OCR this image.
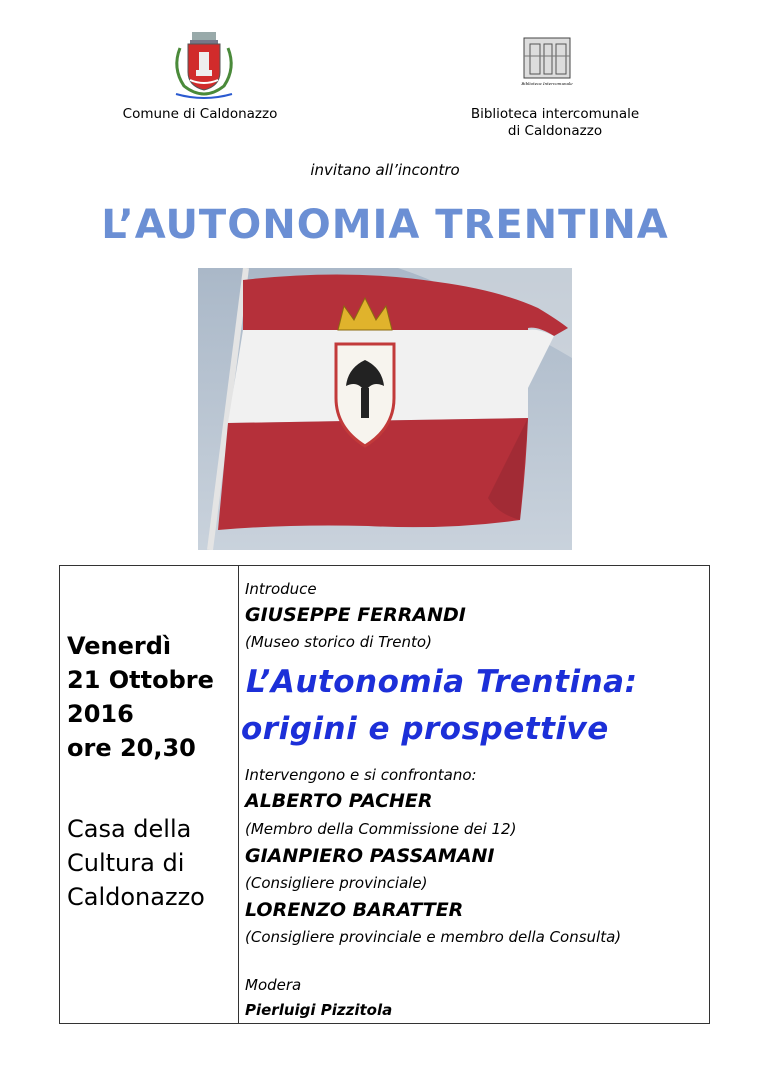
Comune di Caldonazzo
Biblioteca Intercomunale
Biblioteca intercomunale
di Caldonazzo
invitano all’incontro
L’AUTONOMIA TRENTINA
Venerdì
21 Ottobre
2016
ore 20,30
Casa della
Cultura di
Caldonazzo
Introduce
GIUSEPPE FERRANDI
(Museo storico di Trento)
L’Autonomia Trentina:
origini e prospettive
Intervengono e si confrontano:
ALBERTO PACHER
(Membro della Commissione dei 12)
GIANPIERO PASSAMANI
(Consigliere provinciale)
LORENZO BARATTER
(Consigliere provinciale e membro della Consulta)
Modera
Pierluigi Pizzitola
